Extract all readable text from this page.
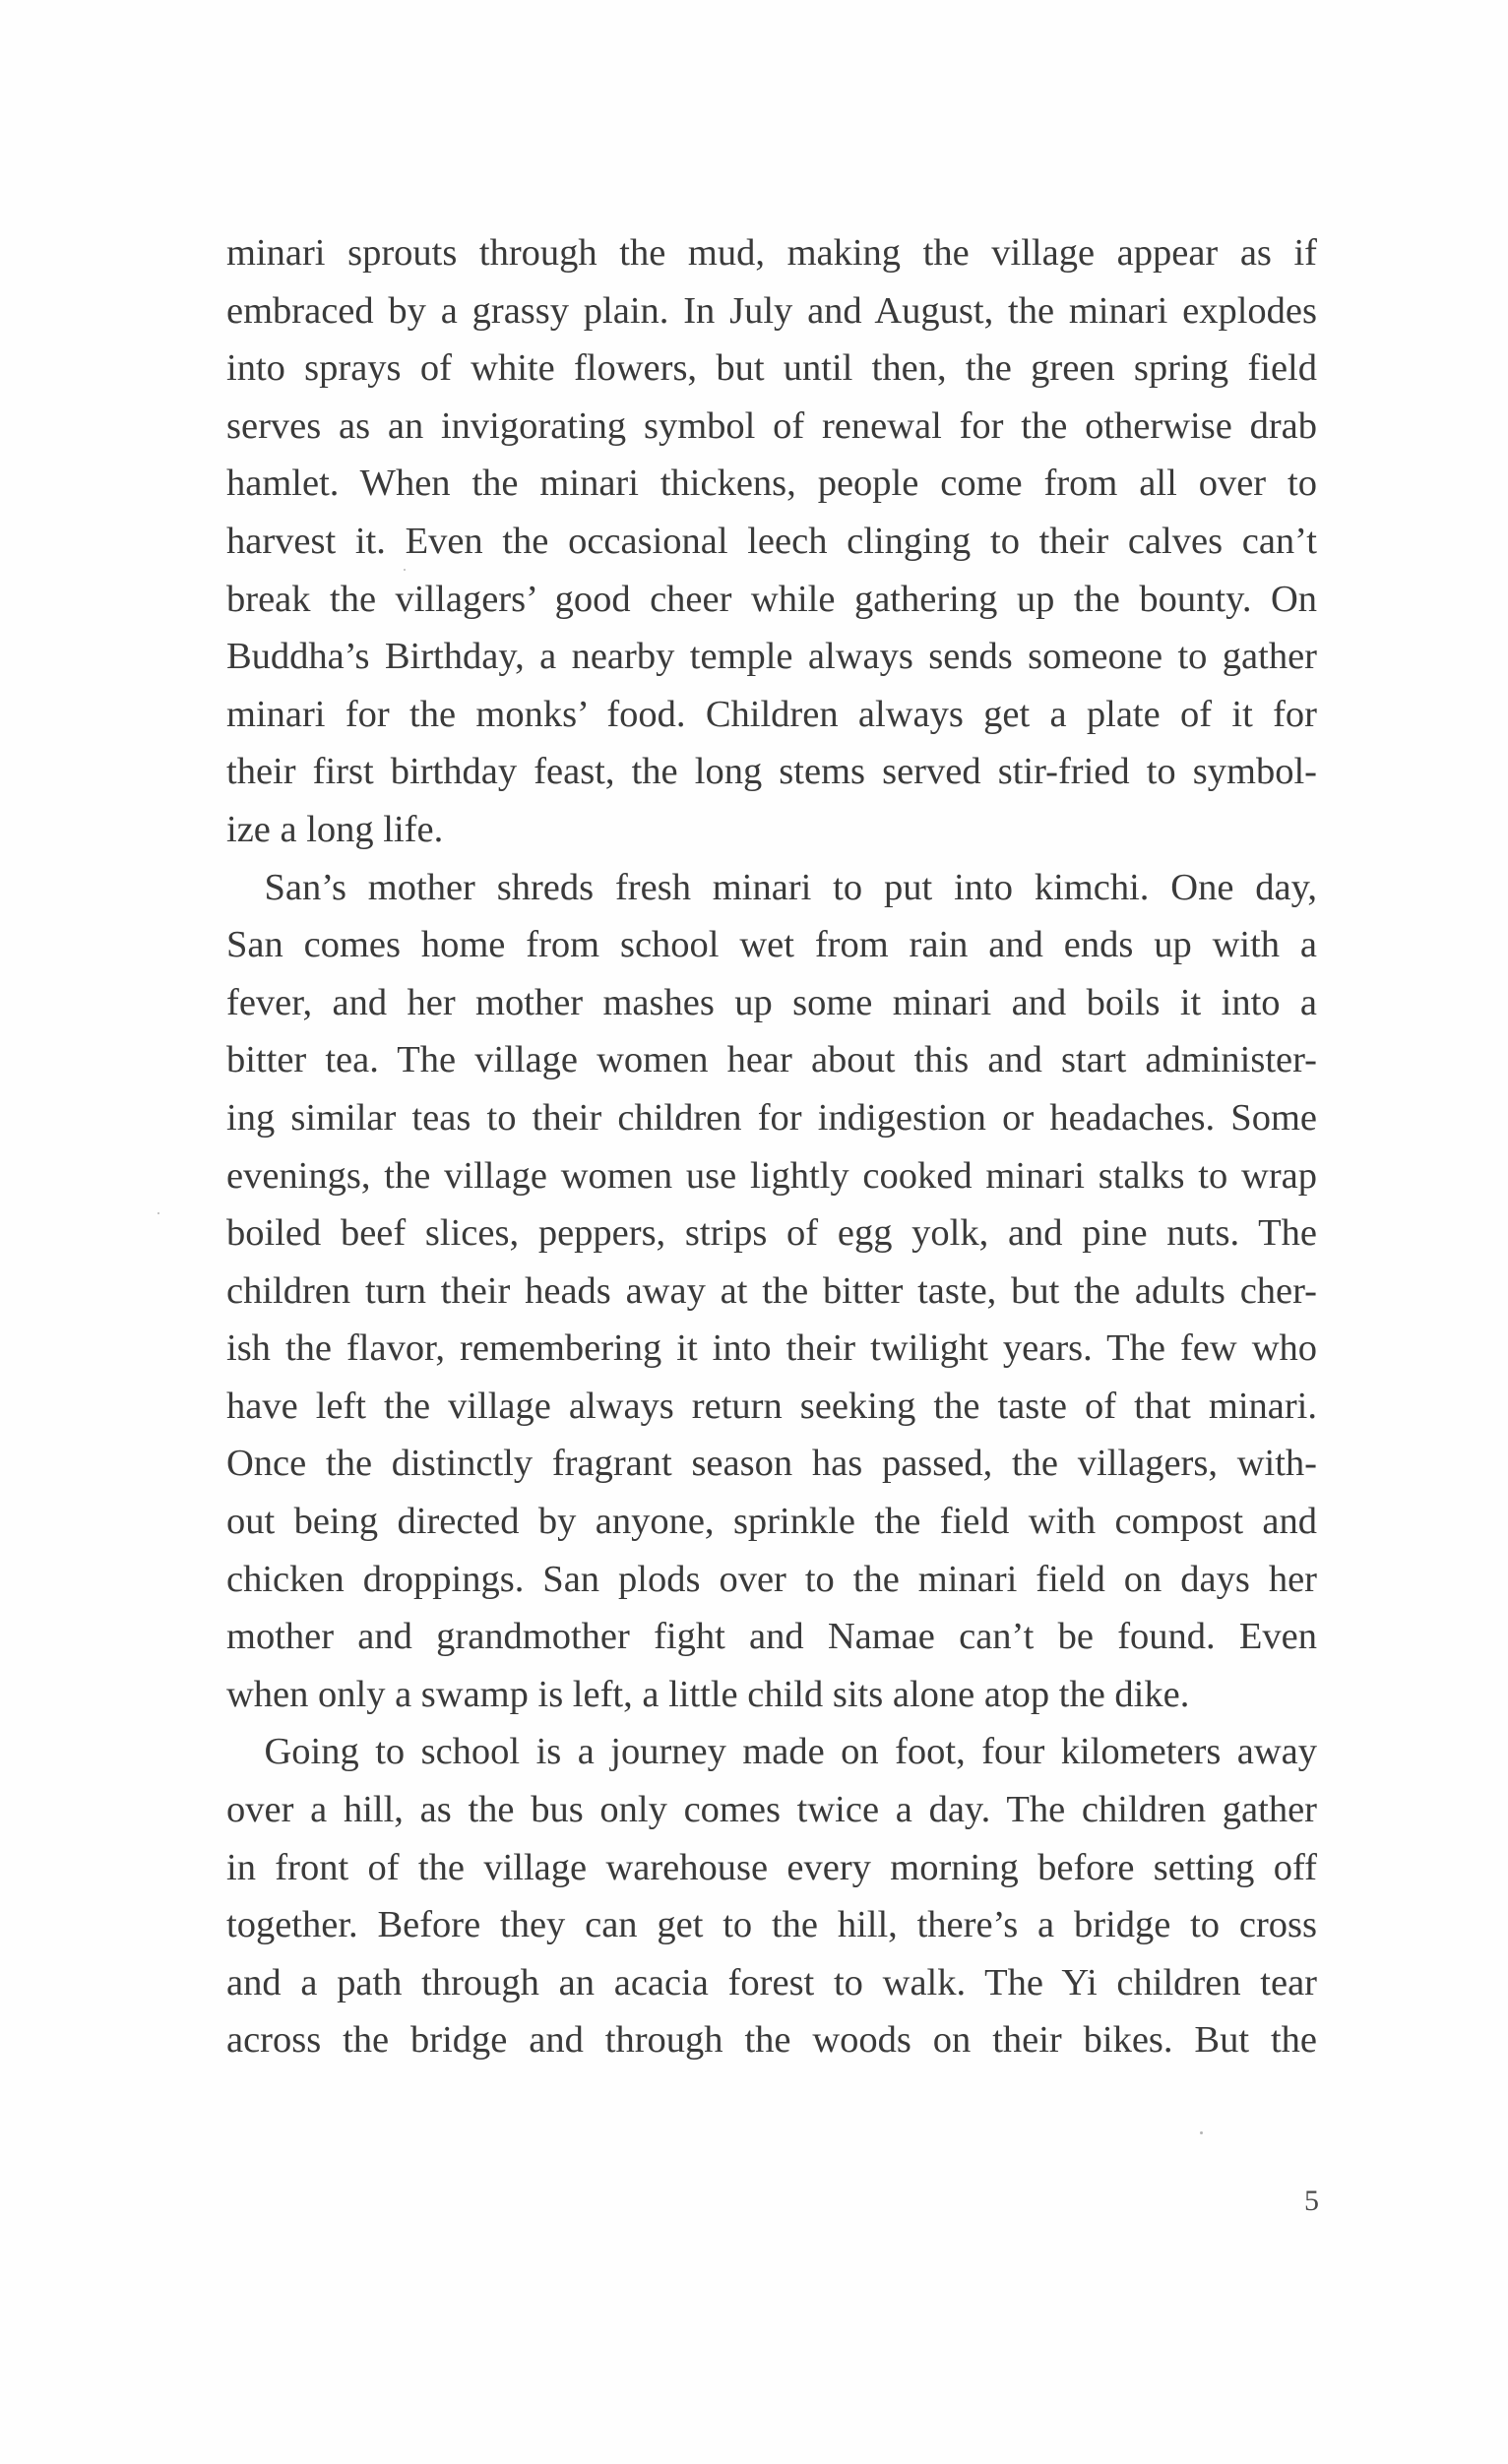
minari sprouts through the mud, making the village appear as if
embraced by a grassy plain. In July and August, the minari explodes
into sprays of white flowers, but until then, the green spring field
serves as an invigorating symbol of renewal for the otherwise drab
hamlet. When the minari thickens, people come from all over to
harvest it. Even the occasional leech clinging to their calves can’t
break the villagers’ good cheer while gathering up the bounty. On
Buddha’s Birthday, a nearby temple always sends someone to gather
minari for the monks’ food. Children always get a plate of it for
their first birthday feast, the long stems served stir-fried to symbol-
ize a long life.
 San’s mother shreds fresh minari to put into kimchi. One day,
San comes home from school wet from rain and ends up with a
fever, and her mother mashes up some minari and boils it into a
bitter tea. The village women hear about this and start administer-
ing similar teas to their children for indigestion or headaches. Some
evenings, the village women use lightly cooked minari stalks to wrap
boiled beef slices, peppers, strips of egg yolk, and pine nuts. The
children turn their heads away at the bitter taste, but the adults cher-
ish the flavor, remembering it into their twilight years. The few who
have left the village always return seeking the taste of that minari.
Once the distinctly fragrant season has passed, the villagers, with-
out being directed by anyone, sprinkle the field with compost and
chicken droppings. San plods over to the minari field on days her
mother and grandmother fight and Namae can’t be found. Even
when only a swamp is left, a little child sits alone atop the dike.
 Going to school is a journey made on foot, four kilometers away
over a hill, as the bus only comes twice a day. The children gather
in front of the village warehouse every morning before setting off
together. Before they can get to the hill, there’s a bridge to cross
and a path through an acacia forest to walk. The Yi children tear
across the bridge and through the woods on their bikes. But the
5
